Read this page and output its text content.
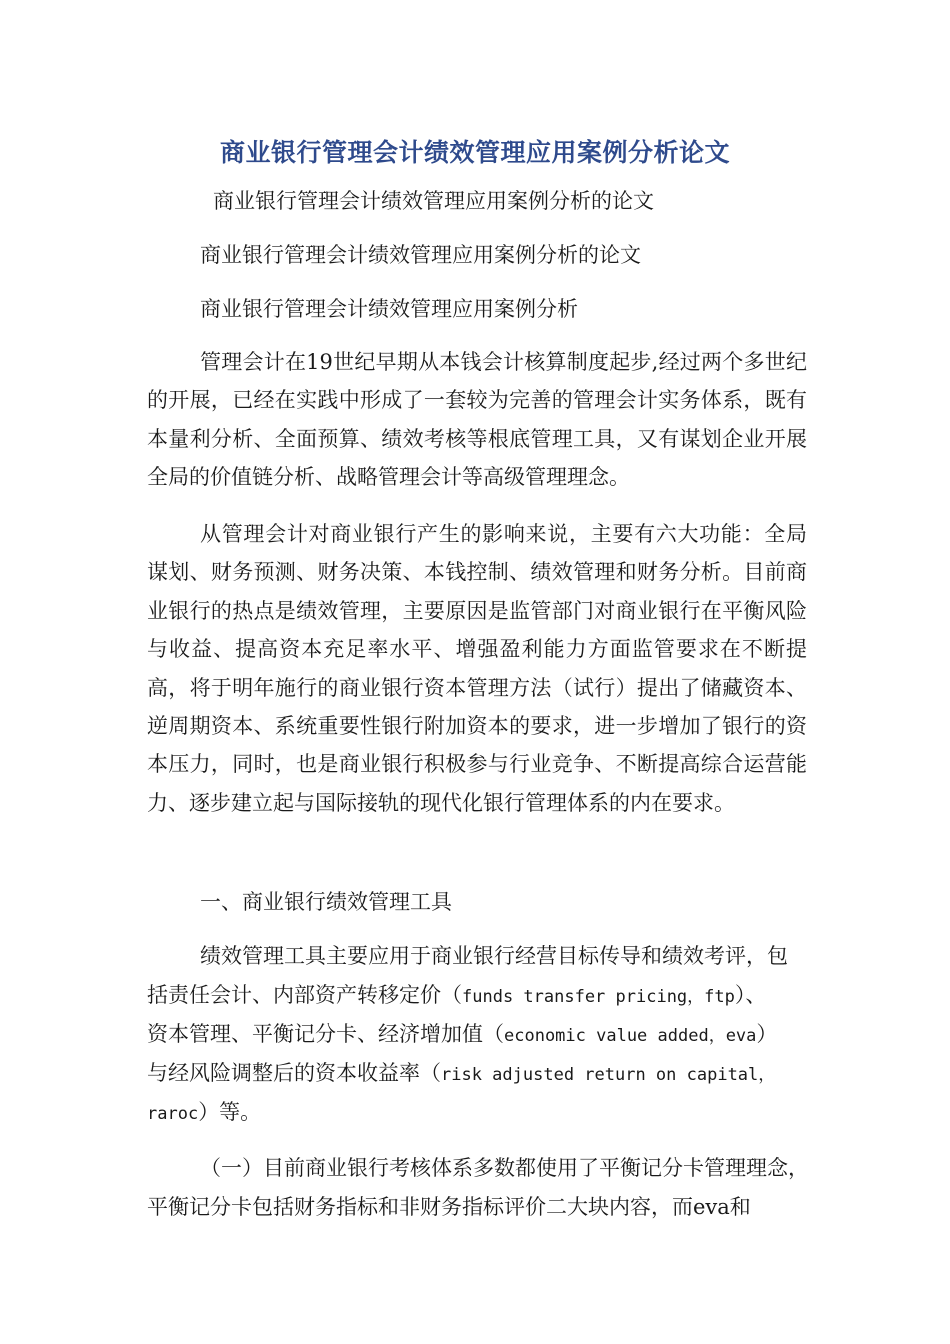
商业银行管理会计绩效管理应用案例分析论文
商业银行管理会计绩效管理应用案例分析的论文
商业银行管理会计绩效管理应用案例分析的论文
商业银行管理会计绩效管理应用案例分析
管理会计在19世纪早期从本钱会计核算制度起步,经过两个多世纪的开展，已经在实践中形成了一套较为完善的管理会计实务体系，既有本量利分析、全面预算、绩效考核等根底管理工具，又有谋划企业开展全局的价值链分析、战略管理会计等高级管理理念。
从管理会计对商业银行产生的影响来说，主要有六大功能：全局谋划、财务预测、财务决策、本钱控制、绩效管理和财务分析。目前商业银行的热点是绩效管理，主要原因是监管部门对商业银行在平衡风险与收益、提高资本充足率水平、增强盈利能力方面监管要求在不断提高，将于明年施行的商业银行资本管理方法（试行）提出了储藏资本、逆周期资本、系统重要性银行附加资本的要求，进一步增加了银行的资本压力，同时，也是商业银行积极参与行业竞争、不断提高综合运营能力、逐步建立起与国际接轨的现代化银行管理体系的内在要求。
一、商业银行绩效管理工具
绩效管理工具主要应用于商业银行经营目标传导和绩效考评，包
括责任会计、内部资产转移定价（funds transfer pricing，ftp）、
资本管理、平衡记分卡、经济增加值（economic value added，eva）
与经风险调整后的资本收益率（risk adjusted return on capital，
raroc）等。
（一）目前商业银行考核体系多数都使用了平衡记分卡管理理念，
平衡记分卡包括财务指标和非财务指标评价二大块内容，而eva和
